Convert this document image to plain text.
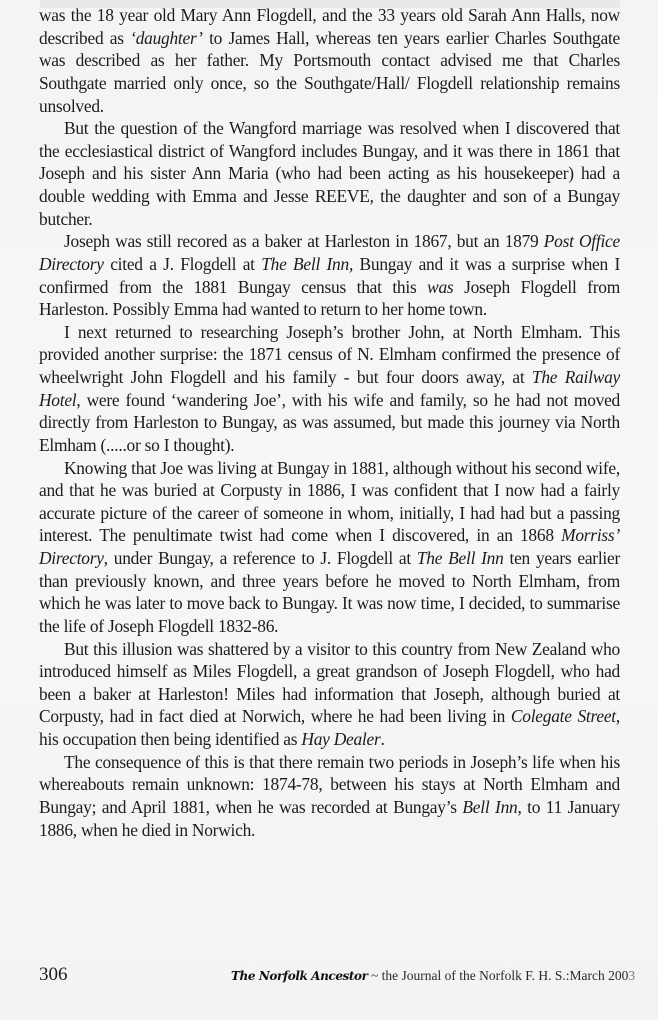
was the 18 year old Mary Ann Flogdell, and the 33 years old Sarah Ann Halls, now described as ‘daughter’ to James Hall, whereas ten years earlier Charles Southgate was described as her father. My Portsmouth contact advised me that Charles Southgate married only once, so the Southgate/Hall/ Flogdell relationship remains unsolved.

But the question of the Wangford marriage was resolved when I discovered that the ecclesiastical district of Wangford includes Bungay, and it was there in 1861 that Joseph and his sister Ann Maria (who had been acting as his housekeeper) had a double wedding with Emma and Jesse REEVE, the daughter and son of a Bungay butcher.

Joseph was still recored as a baker at Harleston in 1867, but an 1879 Post Office Directory cited a J. Flogdell at The Bell Inn, Bungay and it was a surprise when I confirmed from the 1881 Bungay census that this was Joseph Flogdell from Harleston. Possibly Emma had wanted to return to her home town.

I next returned to researching Joseph’s brother John, at North Elmham. This provided another surprise: the 1871 census of N. Elmham confirmed the presence of wheelwright John Flogdell and his family - but four doors away, at The Railway Hotel, were found ‘wandering Joe’, with his wife and family, so he had not moved directly from Harleston to Bungay, as was assumed, but made this journey via North Elmham (.....or so I thought).

Knowing that Joe was living at Bungay in 1881, although without his second wife, and that he was buried at Corpusty in 1886, I was confident that I now had a fairly accurate picture of the career of someone in whom, initially, I had had but a passing interest. The penultimate twist had come when I discovered, in an 1868 Morriss’ Directory, under Bungay, a reference to J. Flogdell at The Bell Inn ten years earlier than previously known, and three years before he moved to North Elmham, from which he was later to move back to Bungay. It was now time, I decided, to summarise the life of Joseph Flogdell 1832-86.

But this illusion was shattered by a visitor to this country from New Zealand who introduced himself as Miles Flogdell, a great grandson of Joseph Flogdell, who had been a baker at Harleston! Miles had information that Joseph, although buried at Corpusty, had in fact died at Norwich, where he had been living in Colegate Street, his occupation then being identified as Hay Dealer.

The consequence of this is that there remain two periods in Joseph’s life when his whereabouts remain unknown: 1874-78, between his stays at North Elmham and Bungay; and April 1881, when he was recorded at Bungay’s Bell Inn, to 11 January 1886, when he died in Norwich.

306	The Norfolk Ancestor ~ the Journal of the Norfolk F. H. S.:March 2003
